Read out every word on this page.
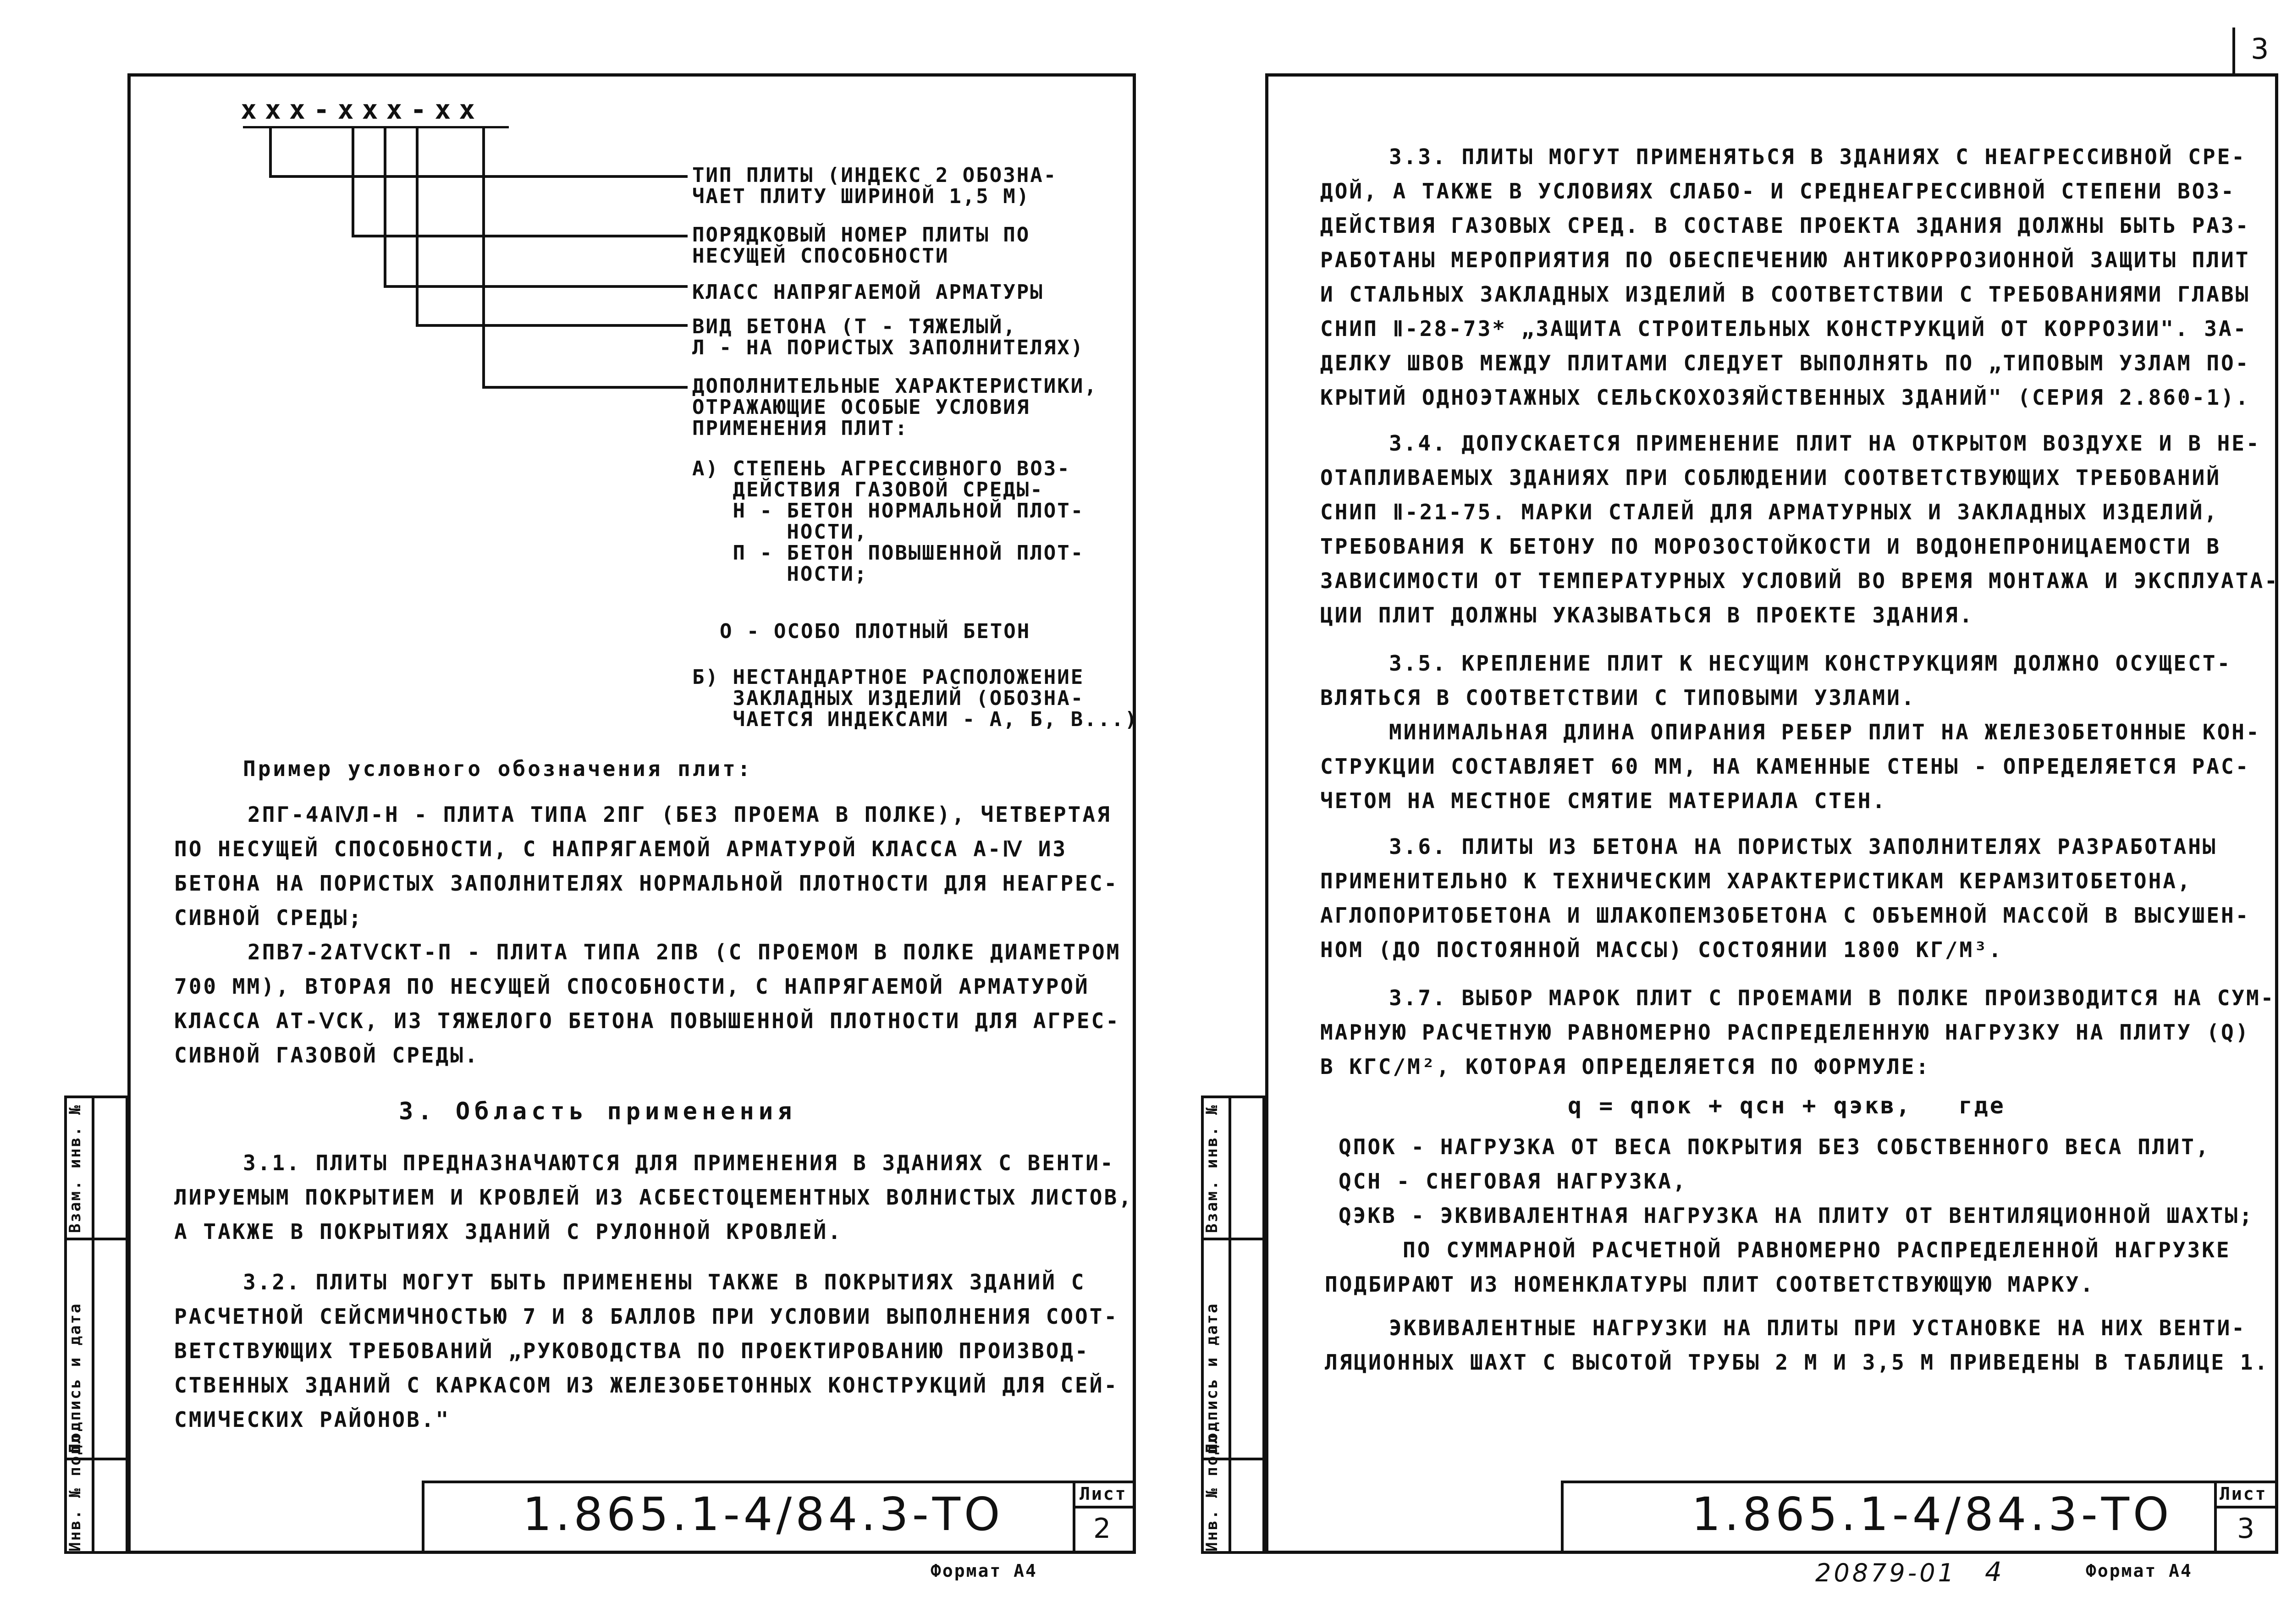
Взам. инв. №
Подпись и дата
Инв. № подл.
ххх-ххх-хх
ТИП ПЛИТЫ (ИНДЕКС 2 ОБОЗНА-
ЧАЕТ ПЛИТУ ШИРИНОЙ 1,5 М)
ПОРЯДКОВЫЙ НОМЕР ПЛИТЫ ПО
НЕСУЩЕЙ СПОСОБНОСТИ
КЛАСС НАПРЯГАЕМОЙ АРМАТУРЫ
ВИД БЕТОНА (Т - ТЯЖЕЛЫЙ,
Л - НА ПОРИСТЫХ ЗАПОЛНИТЕЛЯХ)
ДОПОЛНИТЕЛЬНЫЕ ХАРАКТЕРИСТИКИ,
ОТРАЖАЮЩИЕ ОСОБЫЕ УСЛОВИЯ
ПРИМЕНЕНИЯ ПЛИТ:
А) СТЕПЕНЬ АГРЕССИВНОГО ВОЗ-
ДЕЙСТВИЯ ГАЗОВОЙ СРЕДЫ-
Н - БЕТОН НОРМАЛЬНОЙ ПЛОТ-
НОСТИ,
П - БЕТОН ПОВЫШЕННОЙ ПЛОТ-
НОСТИ;
О - ОСОБО ПЛОТНЫЙ БЕТОН
Б) НЕСТАНДАРТНОЕ РАСПОЛОЖЕНИЕ
ЗАКЛАДНЫХ ИЗДЕЛИЙ (ОБОЗНА-
ЧАЕТСЯ ИНДЕКСАМИ - А, Б, В...)
Пример условного обозначения плит:
2ПГ-4АⅣЛ-Н - ПЛИТА ТИПА 2ПГ (БЕЗ ПРОЕМА В ПОЛКЕ), ЧЕТВЕРТАЯ
ПО НЕСУЩЕЙ СПОСОБНОСТИ, С НАПРЯГАЕМОЙ АРМАТУРОЙ КЛАССА А-Ⅳ ИЗ
БЕТОНА НА ПОРИСТЫХ ЗАПОЛНИТЕЛЯХ НОРМАЛЬНОЙ ПЛОТНОСТИ ДЛЯ НЕАГРЕС-
СИВНОЙ СРЕДЫ;
2ПВ7-2АТⅤСКТ-П - ПЛИТА ТИПА 2ПВ (С ПРОЕМОМ В ПОЛКЕ ДИАМЕТРОМ
700 ММ), ВТОРАЯ ПО НЕСУЩЕЙ СПОСОБНОСТИ, С НАПРЯГАЕМОЙ АРМАТУРОЙ
КЛАССА АТ-ⅤСК, ИЗ ТЯЖЕЛОГО БЕТОНА ПОВЫШЕННОЙ ПЛОТНОСТИ ДЛЯ АГРЕС-
СИВНОЙ ГАЗОВОЙ СРЕДЫ.
3. Область применения
3.1. ПЛИТЫ ПРЕДНАЗНАЧАЮТСЯ ДЛЯ ПРИМЕНЕНИЯ В ЗДАНИЯХ С ВЕНТИ-
ЛИРУЕМЫМ ПОКРЫТИЕМ И КРОВЛЕЙ ИЗ АСБЕСТОЦЕМЕНТНЫХ ВОЛНИСТЫХ ЛИСТОВ,
А ТАКЖЕ В ПОКРЫТИЯХ ЗДАНИЙ С РУЛОННОЙ КРОВЛЕЙ.
3.2. ПЛИТЫ МОГУТ БЫТЬ ПРИМЕНЕНЫ ТАКЖЕ В ПОКРЫТИЯХ ЗДАНИЙ С
РАСЧЕТНОЙ СЕЙСМИЧНОСТЬЮ 7 И 8 БАЛЛОВ ПРИ УСЛОВИИ ВЫПОЛНЕНИЯ СООТ-
ВЕТСТВУЮЩИХ ТРЕБОВАНИЙ „РУКОВОДСТВА ПО ПРОЕКТИРОВАНИЮ ПРОИЗВОД-
СТВЕННЫХ ЗДАНИЙ С КАРКАСОМ ИЗ ЖЕЛЕЗОБЕТОННЫХ КОНСТРУКЦИЙ ДЛЯ СЕЙ-
СМИЧЕСКИХ РАЙОНОВ."
1.865.1-4/84.3-ТО	Лист
2
Формат А4
3
Взам. инв. №
Подпись и дата
Инв. № подл.
3.3. ПЛИТЫ МОГУТ ПРИМЕНЯТЬСЯ В ЗДАНИЯХ С НЕАГРЕССИВНОЙ СРЕ-
ДОЙ, А ТАКЖЕ В УСЛОВИЯХ СЛАБО- И СРЕДНЕАГРЕССИВНОЙ СТЕПЕНИ ВОЗ-
ДЕЙСТВИЯ ГАЗОВЫХ СРЕД. В СОСТАВЕ ПРОЕКТА ЗДАНИЯ ДОЛЖНЫ БЫТЬ РАЗ-
РАБОТАНЫ МЕРОПРИЯТИЯ ПО ОБЕСПЕЧЕНИЮ АНТИКОРРОЗИОННОЙ ЗАЩИТЫ ПЛИТ
И СТАЛЬНЫХ ЗАКЛАДНЫХ ИЗДЕЛИЙ В СООТВЕТСТВИИ С ТРЕБОВАНИЯМИ ГЛАВЫ
СНИП Ⅱ-28-73* „ЗАЩИТА СТРОИТЕЛЬНЫХ КОНСТРУКЦИЙ ОТ КОРРОЗИИ". ЗА-
ДЕЛКУ ШВОВ МЕЖДУ ПЛИТАМИ СЛЕДУЕТ ВЫПОЛНЯТЬ ПО „ТИПОВЫМ УЗЛАМ ПО-
КРЫТИЙ ОДНОЭТАЖНЫХ СЕЛЬСКОХОЗЯЙСТВЕННЫХ ЗДАНИЙ" (СЕРИЯ 2.860-1).
3.4. ДОПУСКАЕТСЯ ПРИМЕНЕНИЕ ПЛИТ НА ОТКРЫТОМ ВОЗДУХЕ И В НЕ-
ОТАПЛИВАЕМЫХ ЗДАНИЯХ ПРИ СОБЛЮДЕНИИ СООТВЕТСТВУЮЩИХ ТРЕБОВАНИЙ
СНИП Ⅱ-21-75. МАРКИ СТАЛЕЙ ДЛЯ АРМАТУРНЫХ И ЗАКЛАДНЫХ ИЗДЕЛИЙ,
ТРЕБОВАНИЯ К БЕТОНУ ПО МОРОЗОСТОЙКОСТИ И ВОДОНЕПРОНИЦАЕМОСТИ В
ЗАВИСИМОСТИ ОТ ТЕМПЕРАТУРНЫХ УСЛОВИЙ ВО ВРЕМЯ МОНТАЖА И ЭКСПЛУАТА-
ЦИИ ПЛИТ ДОЛЖНЫ УКАЗЫВАТЬСЯ В ПРОЕКТЕ ЗДАНИЯ.
3.5. КРЕПЛЕНИЕ ПЛИТ К НЕСУЩИМ КОНСТРУКЦИЯМ ДОЛЖНО ОСУЩЕСТ-
ВЛЯТЬСЯ В СООТВЕТСТВИИ С ТИПОВЫМИ УЗЛАМИ.
МИНИМАЛЬНАЯ ДЛИНА ОПИРАНИЯ РЕБЕР ПЛИТ НА ЖЕЛЕЗОБЕТОННЫЕ КОН-
СТРУКЦИИ СОСТАВЛЯЕТ 60 ММ, НА КАМЕННЫЕ СТЕНЫ - ОПРЕДЕЛЯЕТСЯ РАС-
ЧЕТОМ НА МЕСТНОЕ СМЯТИЕ МАТЕРИАЛА СТЕН.
3.6. ПЛИТЫ ИЗ БЕТОНА НА ПОРИСТЫХ ЗАПОЛНИТЕЛЯХ РАЗРАБОТАНЫ
ПРИМЕНИТЕЛЬНО К ТЕХНИЧЕСКИМ ХАРАКТЕРИСТИКАМ КЕРАМЗИТОБЕТОНА,
АГЛОПОРИТОБЕТОНА И ШЛАКОПЕМЗОБЕТОНА С ОБЪЕМНОЙ МАССОЙ В ВЫСУШЕН-
НОМ (ДО ПОСТОЯННОЙ МАССЫ) СОСТОЯНИИ 1800 КГ/М³.
3.7. ВЫБОР МАРОК ПЛИТ С ПРОЕМАМИ В ПОЛКЕ ПРОИЗВОДИТСЯ НА СУМ-
МАРНУЮ РАСЧЕТНУЮ РАВНОМЕРНО РАСПРЕДЕЛЕННУЮ НАГРУЗКУ НА ПЛИТУ (Q)
В КГС/М², КОТОРАЯ ОПРЕДЕЛЯЕТСЯ ПО ФОРМУЛЕ:
q = qпок + qсн + qэкв,   где
QПОК - НАГРУЗКА ОТ ВЕСА ПОКРЫТИЯ БЕЗ СОБСТВЕННОГО ВЕСА ПЛИТ,
QСН - СНЕГОВАЯ НАГРУЗКА,
QЭКВ - ЭКВИВАЛЕНТНАЯ НАГРУЗКА НА ПЛИТУ ОТ ВЕНТИЛЯЦИОННОЙ ШАХТЫ;
ПО СУММАРНОЙ РАСЧЕТНОЙ РАВНОМЕРНО РАСПРЕДЕЛЕННОЙ НАГРУЗКЕ
ПОДБИРАЮТ ИЗ НОМЕНКЛАТУРЫ ПЛИТ СООТВЕТСТВУЮЩУЮ МАРКУ.
ЭКВИВАЛЕНТНЫЕ НАГРУЗКИ НА ПЛИТЫ ПРИ УСТАНОВКЕ НА НИХ ВЕНТИ-
ЛЯЦИОННЫХ ШАХТ С ВЫСОТОЙ ТРУБЫ 2 М И 3,5 М ПРИВЕДЕНЫ В ТАБЛИЦЕ 1.
1.865.1-4/84.3-ТО	Лист
3
20879-01 4	Формат А4
